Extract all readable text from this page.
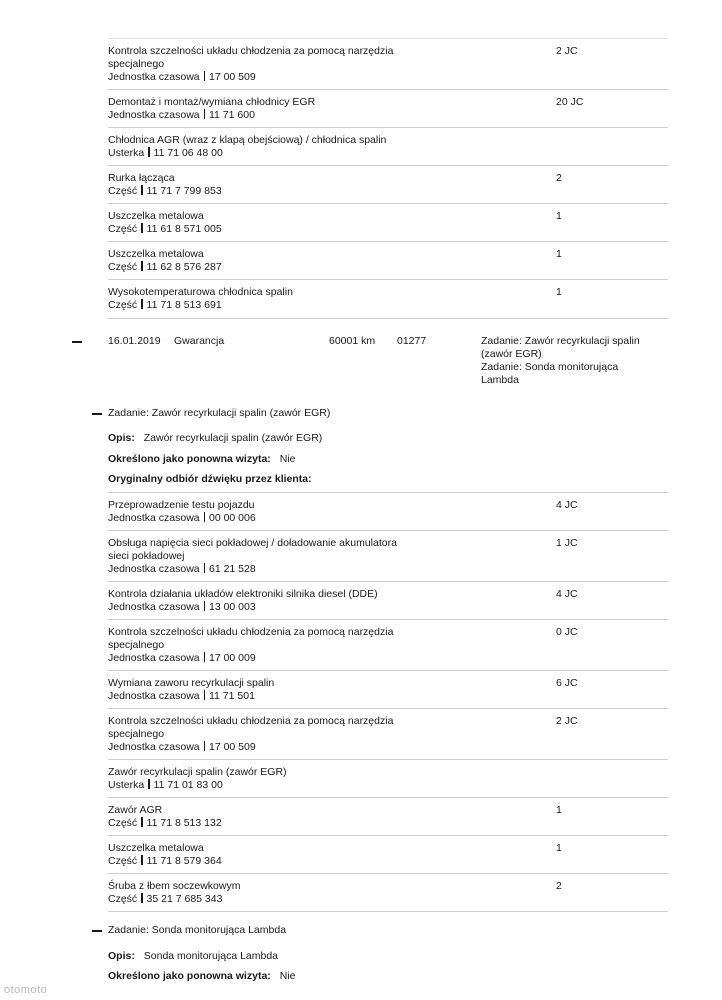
Kontrola szczelności układu chłodzenia za pomocą narzędzia specjalnego
Jednostka czasowa 17 00 509
2 JC
Demontaż i montaż/wymiana chłodnicy EGR
Jednostka czasowa 11 71 600
20 JC
Chłodnica AGR (wraz z klapą obejściową) / chłodnica spalin
Usterka 11 71 06 48 00
Rurka łącząca
Część 11 71 7 799 853
2
Uszczelka metalowa
Część 11 61 8 571 005
1
Uszczelka metalowa
Część 11 62 8 576 287
1
Wysokotemperaturowa chłodnica spalin
Część 11 71 8 513 691
1
16.01.2019 Gwarancja	60001 km 01277	Zadanie: Zawór recyrkulacji spalin
(zawór EGR)
Zadanie: Sonda monitorująca
Lambda
Zadanie: Zawór recyrkulacji spalin (zawór EGR)
Opis: Zawór recyrkulacji spalin (zawór EGR)
Określono jako ponowna wizyta: Nie
Oryginalny odbiór dźwięku przez klienta:
Przeprowadzenie testu pojazdu
Jednostka czasowa 00 00 006
4 JC
Obsługa napięcia sieci pokładowej / doładowanie akumulatora sieci pokładowej
Jednostka czasowa 61 21 528
1 JC
Kontrola działania układów elektroniki silnika diesel (DDE)
Jednostka czasowa 13 00 003
4 JC
Kontrola szczelności układu chłodzenia za pomocą narzędzia specjalnego
Jednostka czasowa 17 00 009
0 JC
Wymiana zaworu recyrkulacji spalin
Jednostka czasowa 11 71 501
6 JC
Kontrola szczelności układu chłodzenia za pomocą narzędzia specjalnego
Jednostka czasowa 17 00 509
2 JC
Zawór recyrkulacji spalin (zawór EGR)
Usterka 11 71 01 83 00
Zawór AGR
Część 11 71 8 513 132
1
Uszczelka metalowa
Część 11 71 8 579 364
1
Śruba z łbem soczewkowym
Część 35 21 7 685 343
2
Zadanie: Sonda monitorująca Lambda
Opis: Sonda monitorująca Lambda
Określono jako ponowna wizyta: Nie
otomoto
